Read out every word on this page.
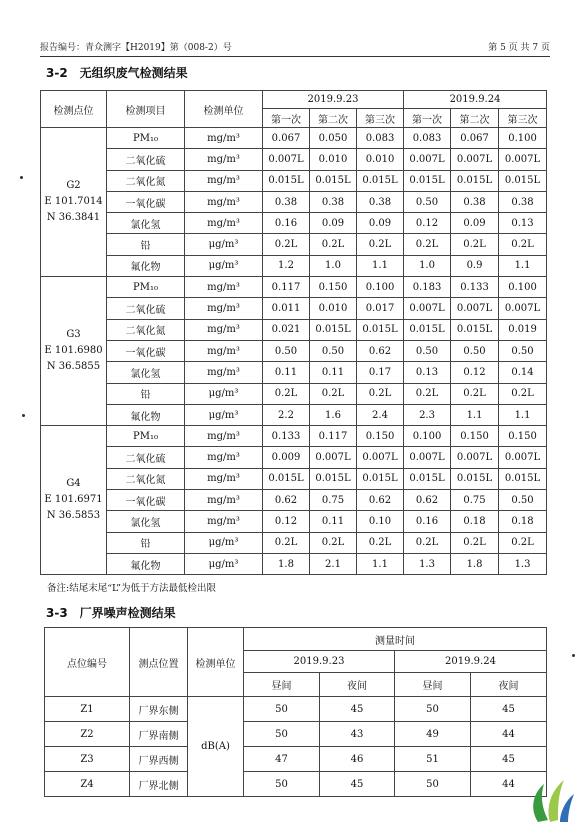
报告编号：青众测字【H2019】第（008-2）号	第 5 页 共 7 页
3-2　无组织废气检测结果
检测点位	检测项目	检测单位	2019.9.23			2019.9.24		
			第一次	第二次	第三次	第一次	第二次	第三次

G2
E 101.7014
N 36.3841	PM₁₀	mg/m³	0.067	0.050	0.083	0.083	0.067	0.100
	二氧化硫	mg/m³	0.007L	0.010	0.010	0.007L	0.007L	0.007L
	二氧化氮	mg/m³	0.015L	0.015L	0.015L	0.015L	0.015L	0.015L
	一氧化碳	mg/m³	0.38	0.38	0.38	0.50	0.38	0.38
	氯化氢	mg/m³	0.16	0.09	0.09	0.12	0.09	0.13
	铅	μg/m³	0.2L	0.2L	0.2L	0.2L	0.2L	0.2L
	氟化物	μg/m³	1.2	1.0	1.1	1.0	0.9	1.1

G3
E 101.6980
N 36.5855	PM₁₀	mg/m³	0.117	0.150	0.100	0.183	0.133	0.100
	二氧化硫	mg/m³	0.011	0.010	0.017	0.007L	0.007L	0.007L
	二氧化氮	mg/m³	0.021	0.015L	0.015L	0.015L	0.015L	0.019
	一氧化碳	mg/m³	0.50	0.50	0.62	0.50	0.50	0.50
	氯化氢	mg/m³	0.11	0.11	0.17	0.13	0.12	0.14
	铅	μg/m³	0.2L	0.2L	0.2L	0.2L	0.2L	0.2L
	氟化物	μg/m³	2.2	1.6	2.4	2.3	1.1	1.1

G4
E 101.6971
N 36.5853	PM₁₀	mg/m³	0.133	0.117	0.150	0.100	0.150	0.150
	二氧化硫	mg/m³	0.009	0.007L	0.007L	0.007L	0.007L	0.007L
	二氧化氮	mg/m³	0.015L	0.015L	0.015L	0.015L	0.015L	0.015L
	一氧化碳	mg/m³	0.62	0.75	0.62	0.62	0.75	0.50
	氯化氢	mg/m³	0.12	0.11	0.10	0.16	0.18	0.18
	铅	μg/m³	0.2L	0.2L	0.2L	0.2L	0.2L	0.2L
	氟化物	μg/m³	1.8	2.1	1.1	1.3	1.8	1.3
备注:结尾末尾“L”为低于方法最低检出限
3-3　厂界噪声检测结果
点位编号	测点位置	检测单位	测量时间			
			2019.9.23		2019.9.24	
			昼间	夜间	昼间	夜间
Z1	厂界东侧	dB(A)	50	45	50	45
Z2	厂界南侧		50	43	49	44
Z3	厂界西侧		47	46	51	45
Z4	厂界北侧		50	45	50	44
